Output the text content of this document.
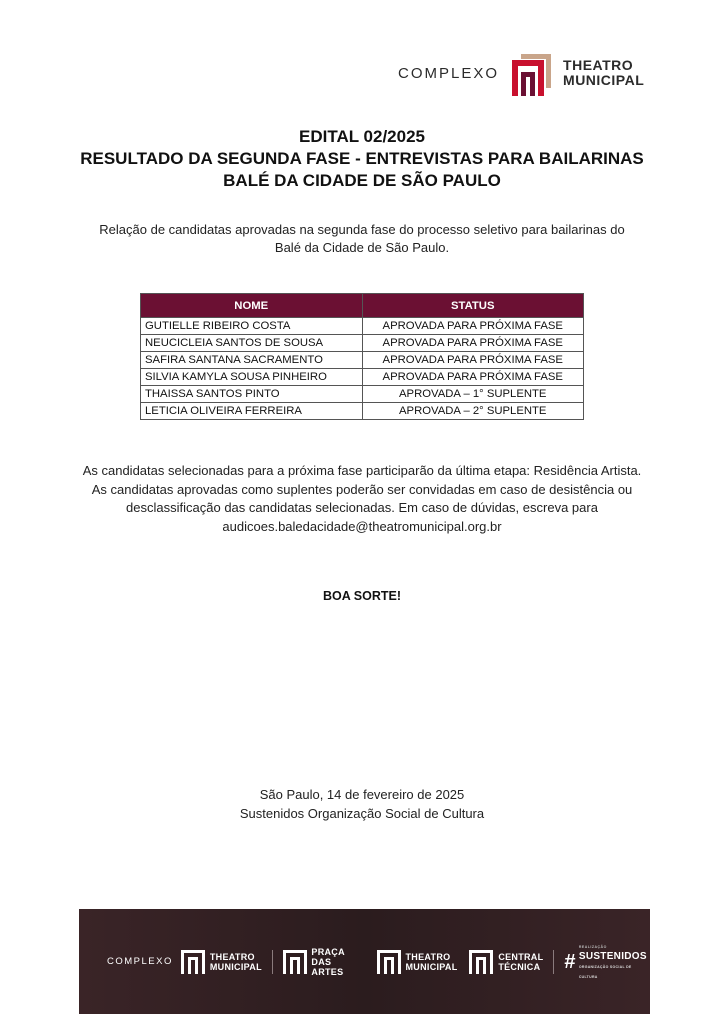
COMPLEXO	THEATRO
MUNICIPAL
EDITAL 02/2025
RESULTADO DA SEGUNDA FASE - ENTREVISTAS PARA BAILARINAS
BALÉ DA CIDADE DE SÃO PAULO
Relação de candidatas aprovadas na segunda fase do processo seletivo para bailarinas do
Balé da Cidade de São Paulo.
NOME	STATUS
GUTIELLE RIBEIRO COSTA	APROVADA PARA PRÓXIMA FASE
NEUCICLEIA SANTOS DE SOUSA	APROVADA PARA PRÓXIMA FASE
SAFIRA SANTANA SACRAMENTO	APROVADA PARA PRÓXIMA FASE
SILVIA KAMYLA SOUSA PINHEIRO	APROVADA PARA PRÓXIMA FASE
THAISSA SANTOS PINTO	APROVADA – 1° SUPLENTE
LETICIA OLIVEIRA FERREIRA	APROVADA – 2° SUPLENTE
As candidatas selecionadas para a próxima fase participarão da última etapa: Residência Artista.
As candidatas aprovadas como suplentes poderão ser convidadas em caso de desistência ou
desclassificação das candidatas selecionadas. Em caso de dúvidas, escreva para
audicoes.baledacidade@theatromunicipal.org.br
BOA SORTE!
São Paulo, 14 de fevereiro de 2025
Sustenidos Organização Social de Cultura
COMPLEXO	THEATRO
MUNICIPAL
PRAÇA
DAS ARTES
THEATRO
MUNICIPAL
CENTRAL
TÉCNICA #
REALIZAÇÃO
SUSTENIDOS
ORGANIZAÇÃO SOCIAL DE CULTURA
